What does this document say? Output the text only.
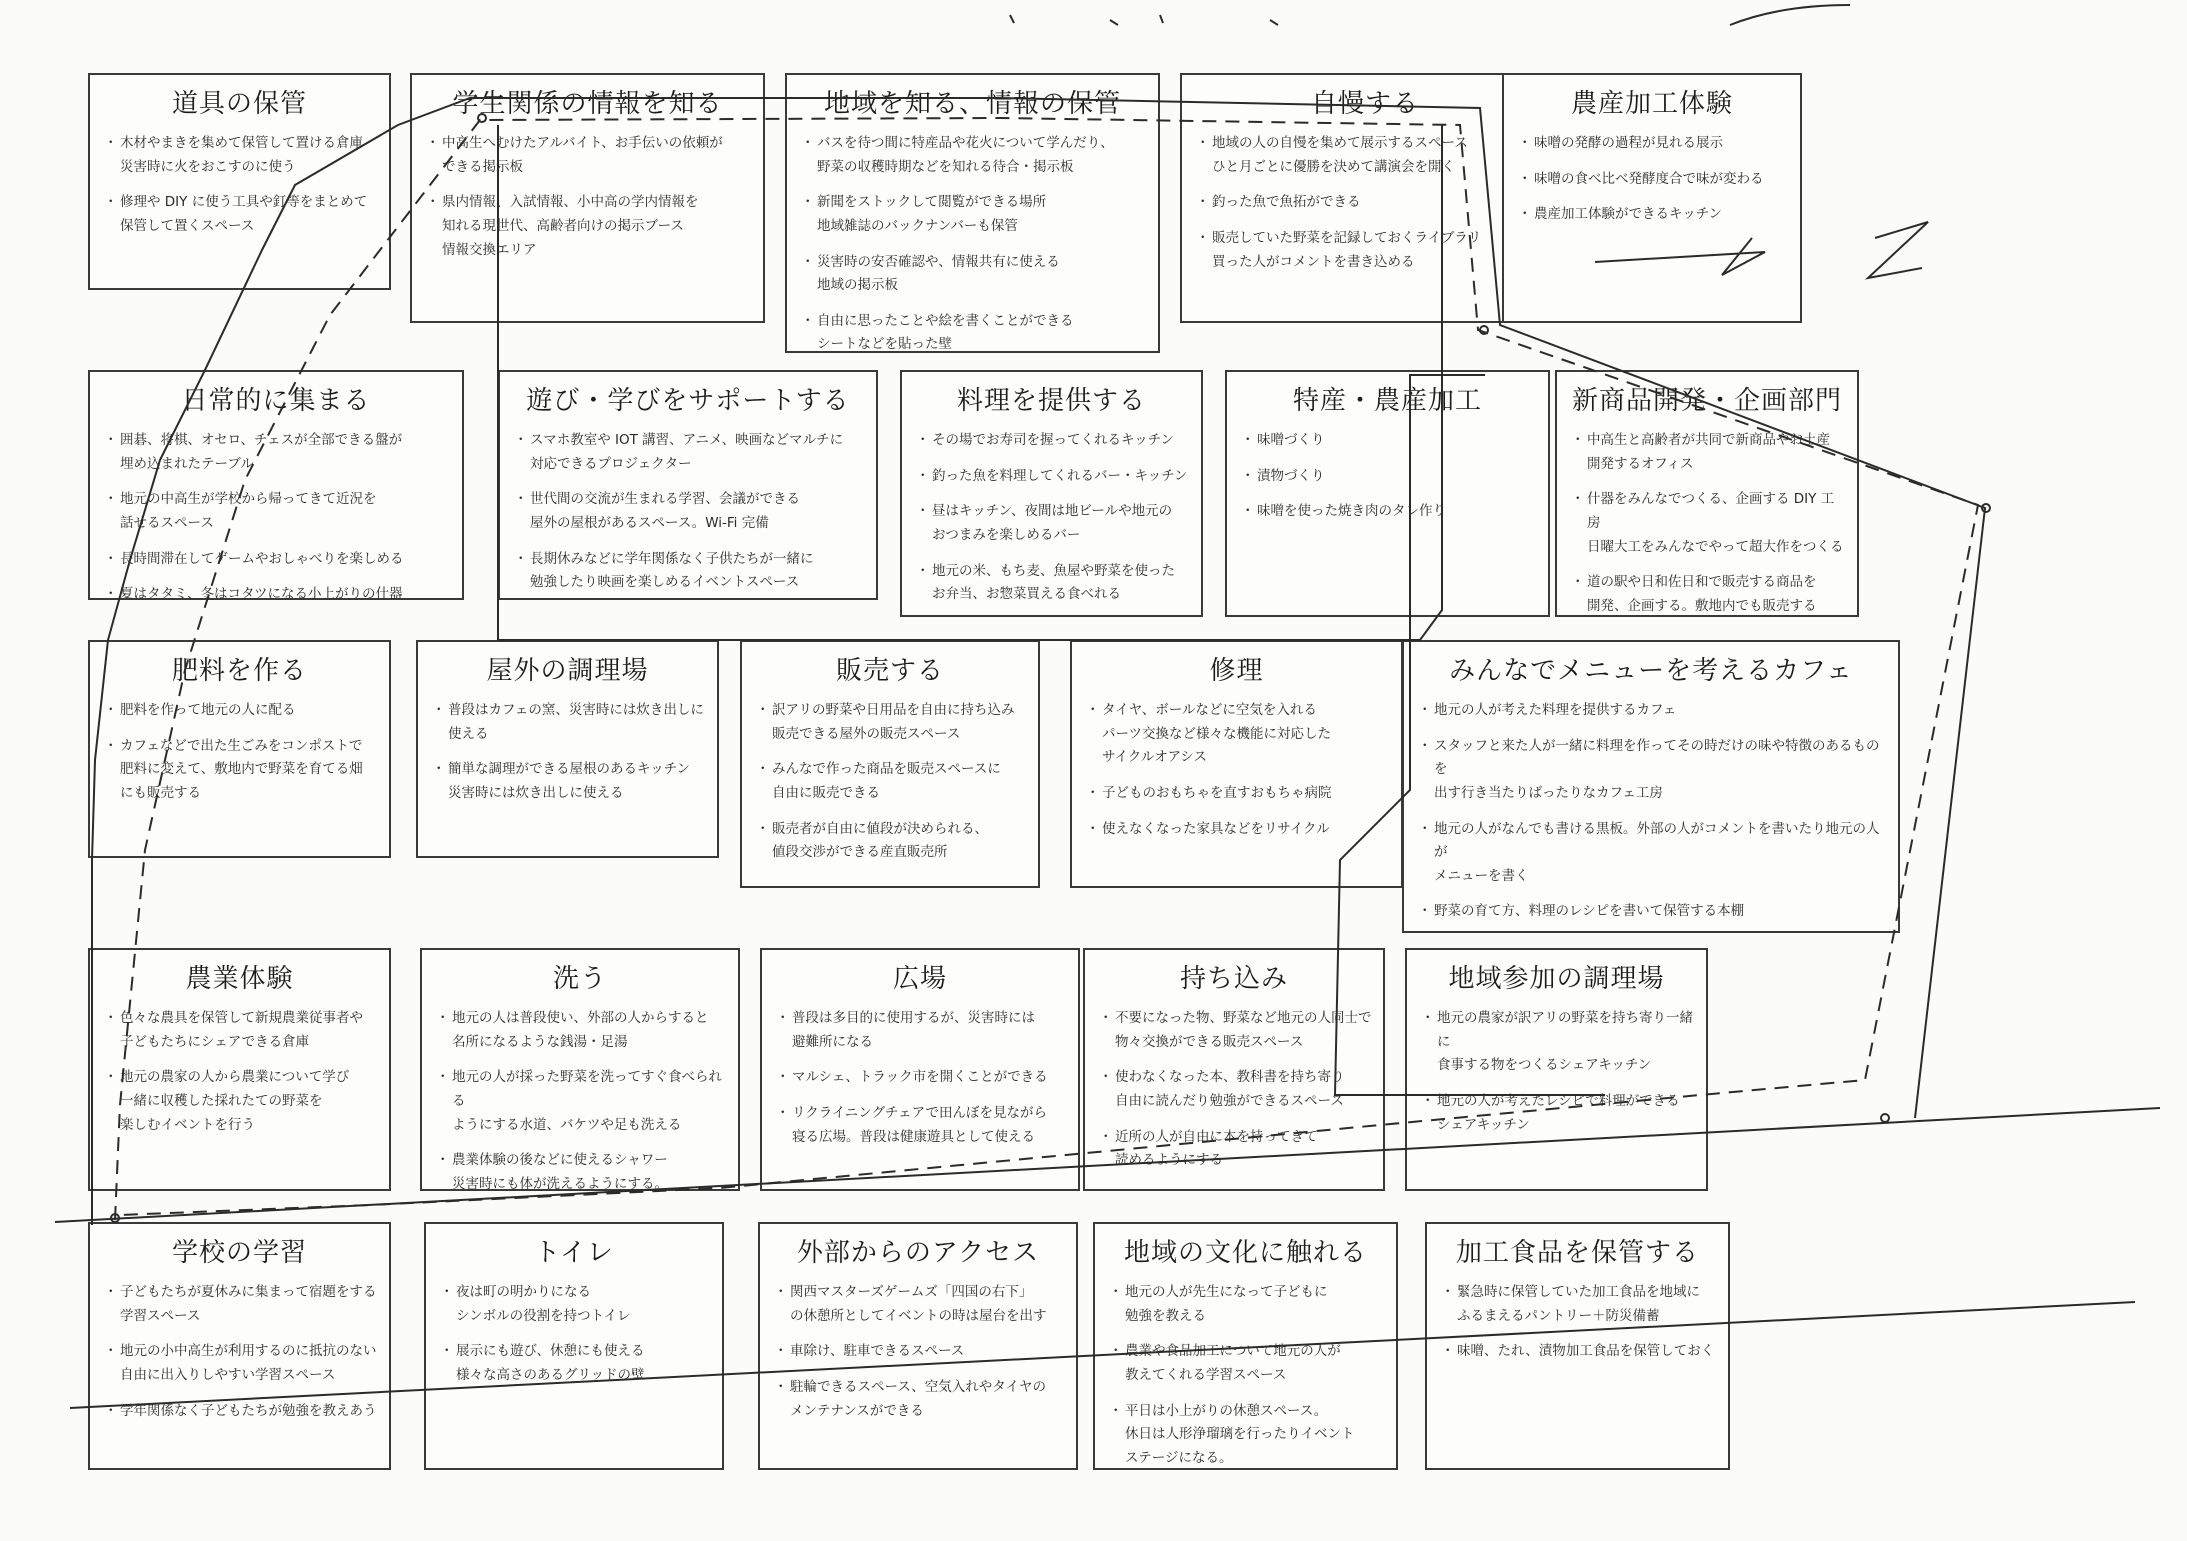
道具の保管
・ 木材やまきを集めて保管して置ける倉庫
災害時に火をおこすのに使う
・ 修理や DIY に使う工具や釘等をまとめて
保管して置くスペース
学生関係の情報を知る
・ 中高生へむけたアルバイト、お手伝いの依頼が
できる掲示板
・ 県内情報、入試情報、小中高の学内情報を
知れる現世代、高齢者向けの掲示ブース
情報交換エリア
地域を知る、情報の保管
・ バスを待つ間に特産品や花火について学んだり、
野菜の収穫時期などを知れる待合・掲示板
・ 新聞をストックして閲覧ができる場所
地域雑誌のバックナンバーも保管
・ 災害時の安否確認や、情報共有に使える
地域の掲示板
・ 自由に思ったことや絵を書くことができる
シートなどを貼った壁
自慢する
・ 地域の人の自慢を集めて展示するスペース
ひと月ごとに優勝を決めて講演会を開く
・ 釣った魚で魚拓ができる
・ 販売していた野菜を記録しておくライブラリ
買った人がコメントを書き込める
農産加工体験
・ 味噌の発酵の過程が見れる展示
・ 味噌の食べ比べ発酵度合で味が変わる
・ 農産加工体験ができるキッチン
日常的に集まる
・ 囲碁、将棋、オセロ、チェスが全部できる盤が
埋め込まれたテーブル
・ 地元の中高生が学校から帰ってきて近況を
話せるスペース
・ 長時間滞在してゲームやおしゃべりを楽しめる
・ 夏はタタミ、冬はコタツになる小上がりの什器
遊び・学びをサポートする
・ スマホ教室や IOT 講習、アニメ、映画などマルチに
対応できるプロジェクター
・ 世代間の交流が生まれる学習、会議ができる
屋外の屋根があるスペース。Wi-Fi 完備
・ 長期休みなどに学年関係なく子供たちが一緒に
勉強したり映画を楽しめるイベントスペース
料理を提供する
・ その場でお寿司を握ってくれるキッチン
・ 釣った魚を料理してくれるバー・キッチン
・ 昼はキッチン、夜間は地ビールや地元の
おつまみを楽しめるバー
・ 地元の米、もち麦、魚屋や野菜を使った
お弁当、お惣菜買える食べれる
特産・農産加工
・ 味噌づくり
・ 漬物づくり
・ 味噌を使った焼き肉のタレ作り
新商品開発・企画部門
・ 中高生と高齢者が共同で新商品やお土産
開発するオフィス
・ 什器をみんなでつくる、企画する DIY 工房
日曜大工をみんなでやって超大作をつくる
・ 道の駅や日和佐日和で販売する商品を
開発、企画する。敷地内でも販売する
肥料を作る
・ 肥料を作って地元の人に配る
・ カフェなどで出た生ごみをコンポストで
肥料に変えて、敷地内で野菜を育てる畑
にも販売する
屋外の調理場
・ 普段はカフェの窯、災害時には炊き出しに
使える
・ 簡単な調理ができる屋根のあるキッチン
災害時には炊き出しに使える
販売する
・ 訳アリの野菜や日用品を自由に持ち込み
販売できる屋外の販売スペース
・ みんなで作った商品を販売スペースに
自由に販売できる
・ 販売者が自由に値段が決められる、
値段交渉ができる産直販売所
修理
・ タイヤ、ボールなどに空気を入れる
パーツ交換など様々な機能に対応した
サイクルオアシス
・ 子どものおもちゃを直すおもちゃ病院
・ 使えなくなった家具などをリサイクル
みんなでメニューを考えるカフェ
・ 地元の人が考えた料理を提供するカフェ
・ スタッフと来た人が一緒に料理を作ってその時だけの味や特徴のあるものを
出す行き当たりばったりなカフェ工房
・ 地元の人がなんでも書ける黒板。外部の人がコメントを書いたり地元の人が
メニューを書く
・ 野菜の育て方、料理のレシピを書いて保管する本棚
農業体験
・ 色々な農具を保管して新規農業従事者や
子どもたちにシェアできる倉庫
・ 地元の農家の人から農業について学び
一緒に収穫した採れたての野菜を
楽しむイベントを行う
洗う
・ 地元の人は普段使い、外部の人からすると
名所になるような銭湯・足湯
・ 地元の人が採った野菜を洗ってすぐ食べられる
ようにする水道、バケツや足も洗える
・ 農業体験の後などに使えるシャワー
災害時にも体が洗えるようにする。
広場
・ 普段は多目的に使用するが、災害時には
避難所になる
・ マルシェ、トラック市を開くことができる
・ リクライニングチェアで田んぼを見ながら
寝る広場。普段は健康遊具として使える
持ち込み
・ 不要になった物、野菜など地元の人同士で
物々交換ができる販売スペース
・ 使わなくなった本、教科書を持ち寄り
自由に読んだり勉強ができるスペース
・ 近所の人が自由に本を持ってきて
読めるようにする
地域参加の調理場
・ 地元の農家が訳アリの野菜を持ち寄り一緒に
食事する物をつくるシェアキッチン
・ 地元の人が考えたレシピで料理ができる
シェアキッチン
学校の学習
・ 子どもたちが夏休みに集まって宿題をする
学習スペース
・ 地元の小中高生が利用するのに抵抗のない
自由に出入りしやすい学習スペース
・ 学年関係なく子どもたちが勉強を教えあう
トイレ
・ 夜は町の明かりになる
シンボルの役割を持つトイレ
・ 展示にも遊び、休憩にも使える
様々な高さのあるグリッドの壁
外部からのアクセス
・ 関西マスターズゲームズ「四国の右下」
の休憩所としてイベントの時は屋台を出す
・ 車除け、駐車できるスペース
・ 駐輪できるスペース、空気入れやタイヤの
メンテナンスができる
地域の文化に触れる
・ 地元の人が先生になって子どもに
勉強を教える
・ 農業や食品加工について地元の人が
教えてくれる学習スペース
・ 平日は小上がりの休憩スペース。
休日は人形浄瑠璃を行ったりイベント
ステージになる。
加工食品を保管する
・ 緊急時に保管していた加工食品を地域に
ふるまえるパントリー＋防災備蓄
・ 味噌、たれ、漬物加工食品を保管しておく
